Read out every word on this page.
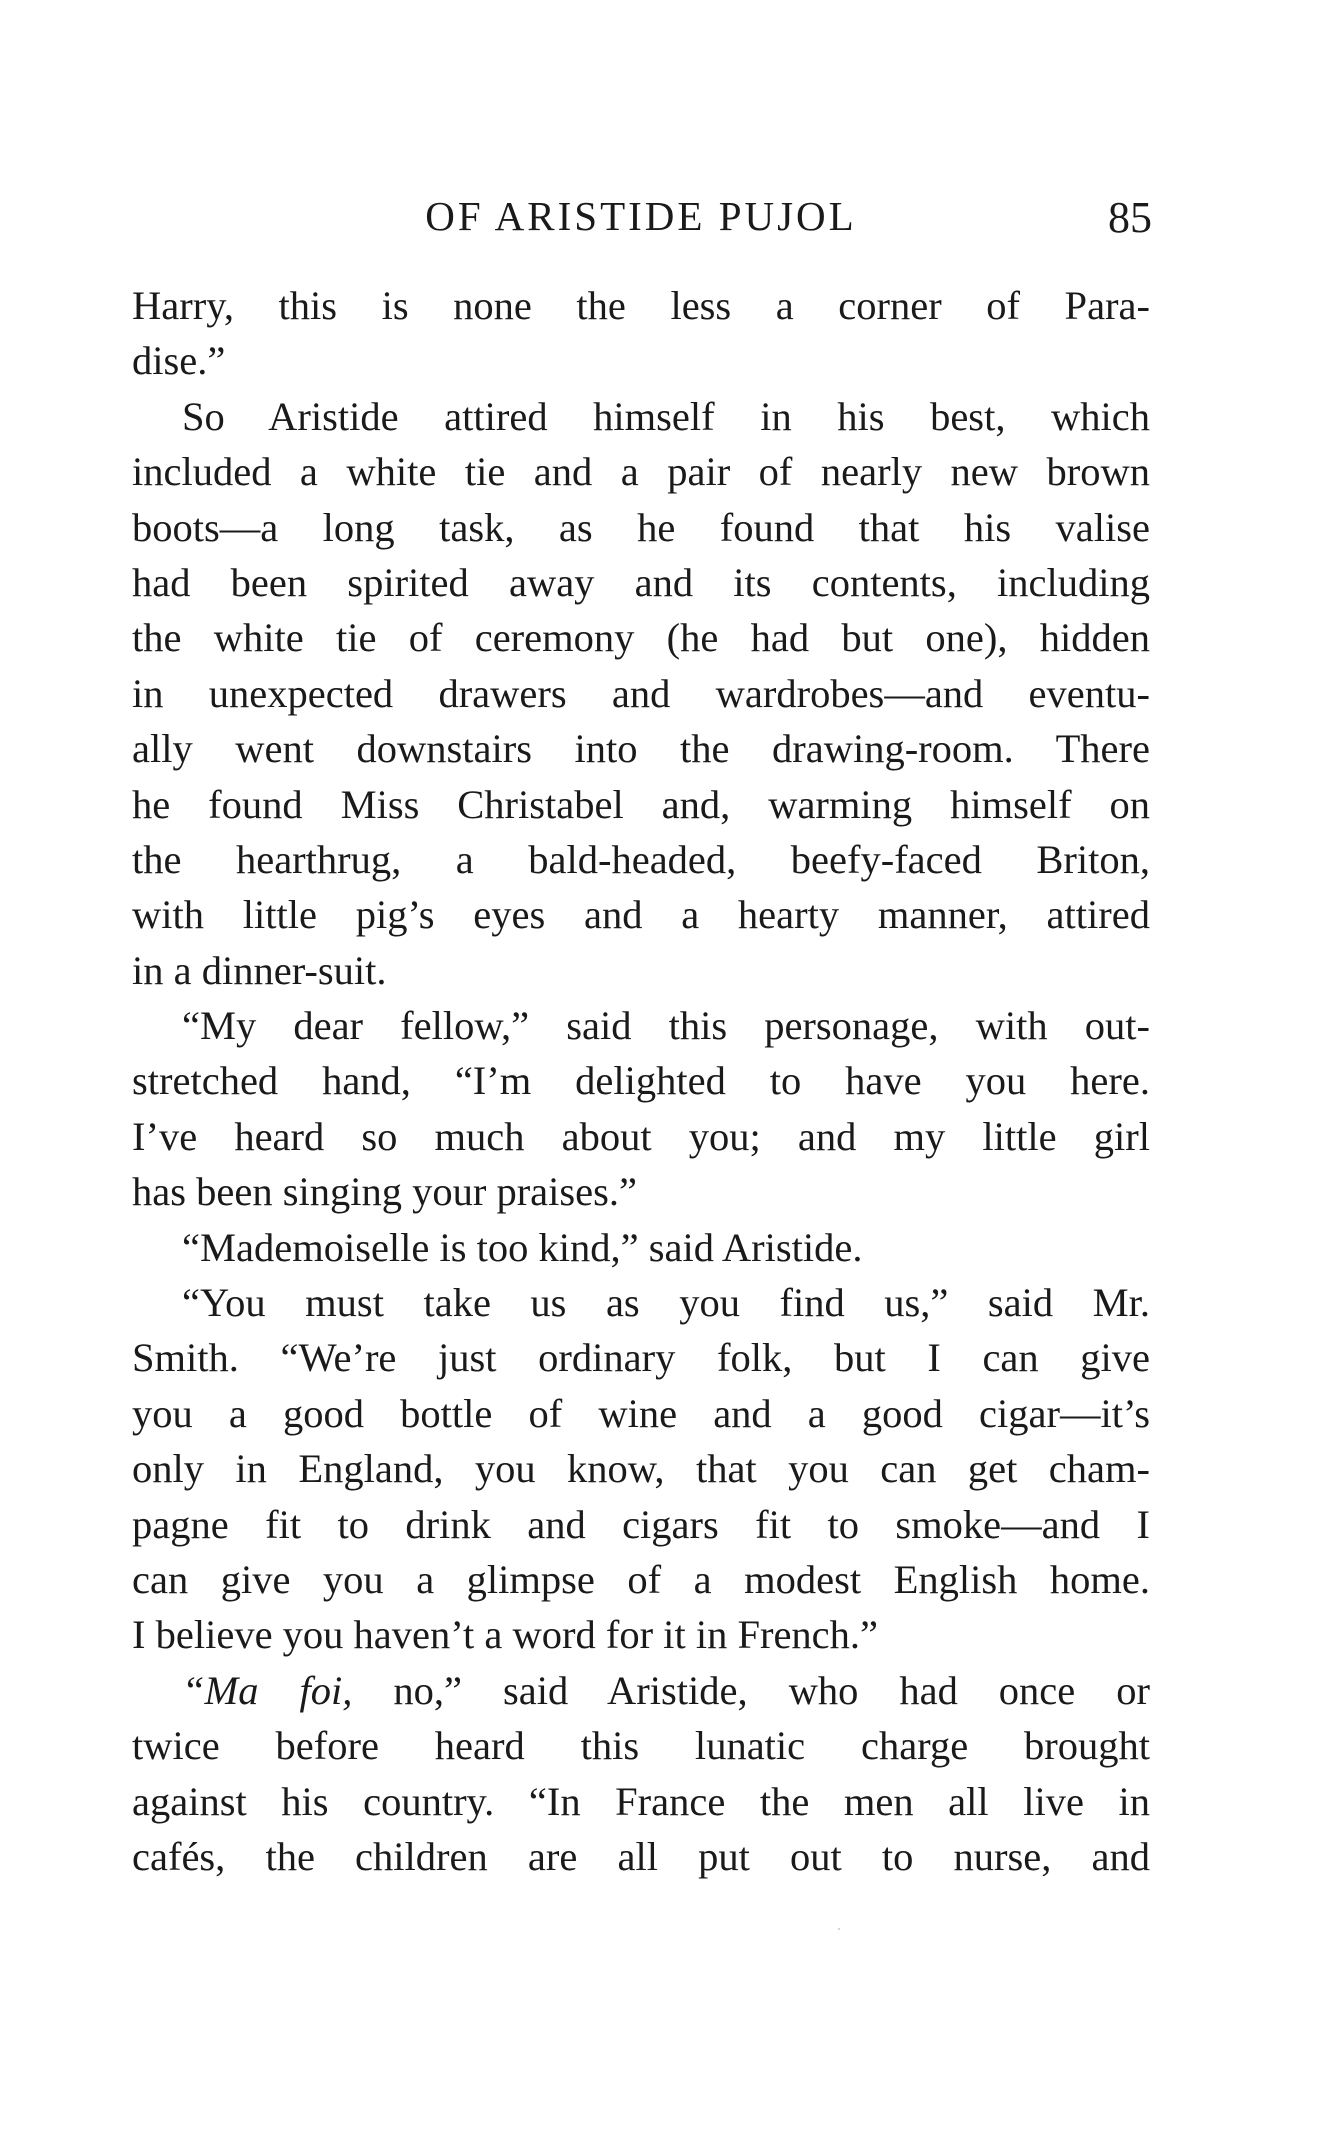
OF ARISTIDE PUJOL	85
Harry, this is none the less a corner of Para-
dise.”
So Aristide attired himself in his best, which
included a white tie and a pair of nearly new brown
boots—a long task, as he found that his valise
had been spirited away and its contents, including
the white tie of ceremony (he had but one), hidden
in unexpected drawers and wardrobes—and eventu-
ally went downstairs into the drawing-room. There
he found Miss Christabel and, warming himself on
the hearthrug, a bald-headed, beefy-faced Briton,
with little pig’s eyes and a hearty manner, attired
in a dinner-suit.
“My dear fellow,” said this personage, with out-
stretched hand, “I’m delighted to have you here.
I’ve heard so much about you; and my little girl
has been singing your praises.”
“Mademoiselle is too kind,” said Aristide.
“You must take us as you find us,” said Mr.
Smith. “We’re just ordinary folk, but I can give
you a good bottle of wine and a good cigar—it’s
only in England, you know, that you can get cham-
pagne fit to drink and cigars fit to smoke—and I
can give you a glimpse of a modest English home.
I believe you haven’t a word for it in French.”
“Ma foi, no,” said Aristide, who had once or
twice before heard this lunatic charge brought
against his country. “In France the men all live in
cafés, the children are all put out to nurse, and
